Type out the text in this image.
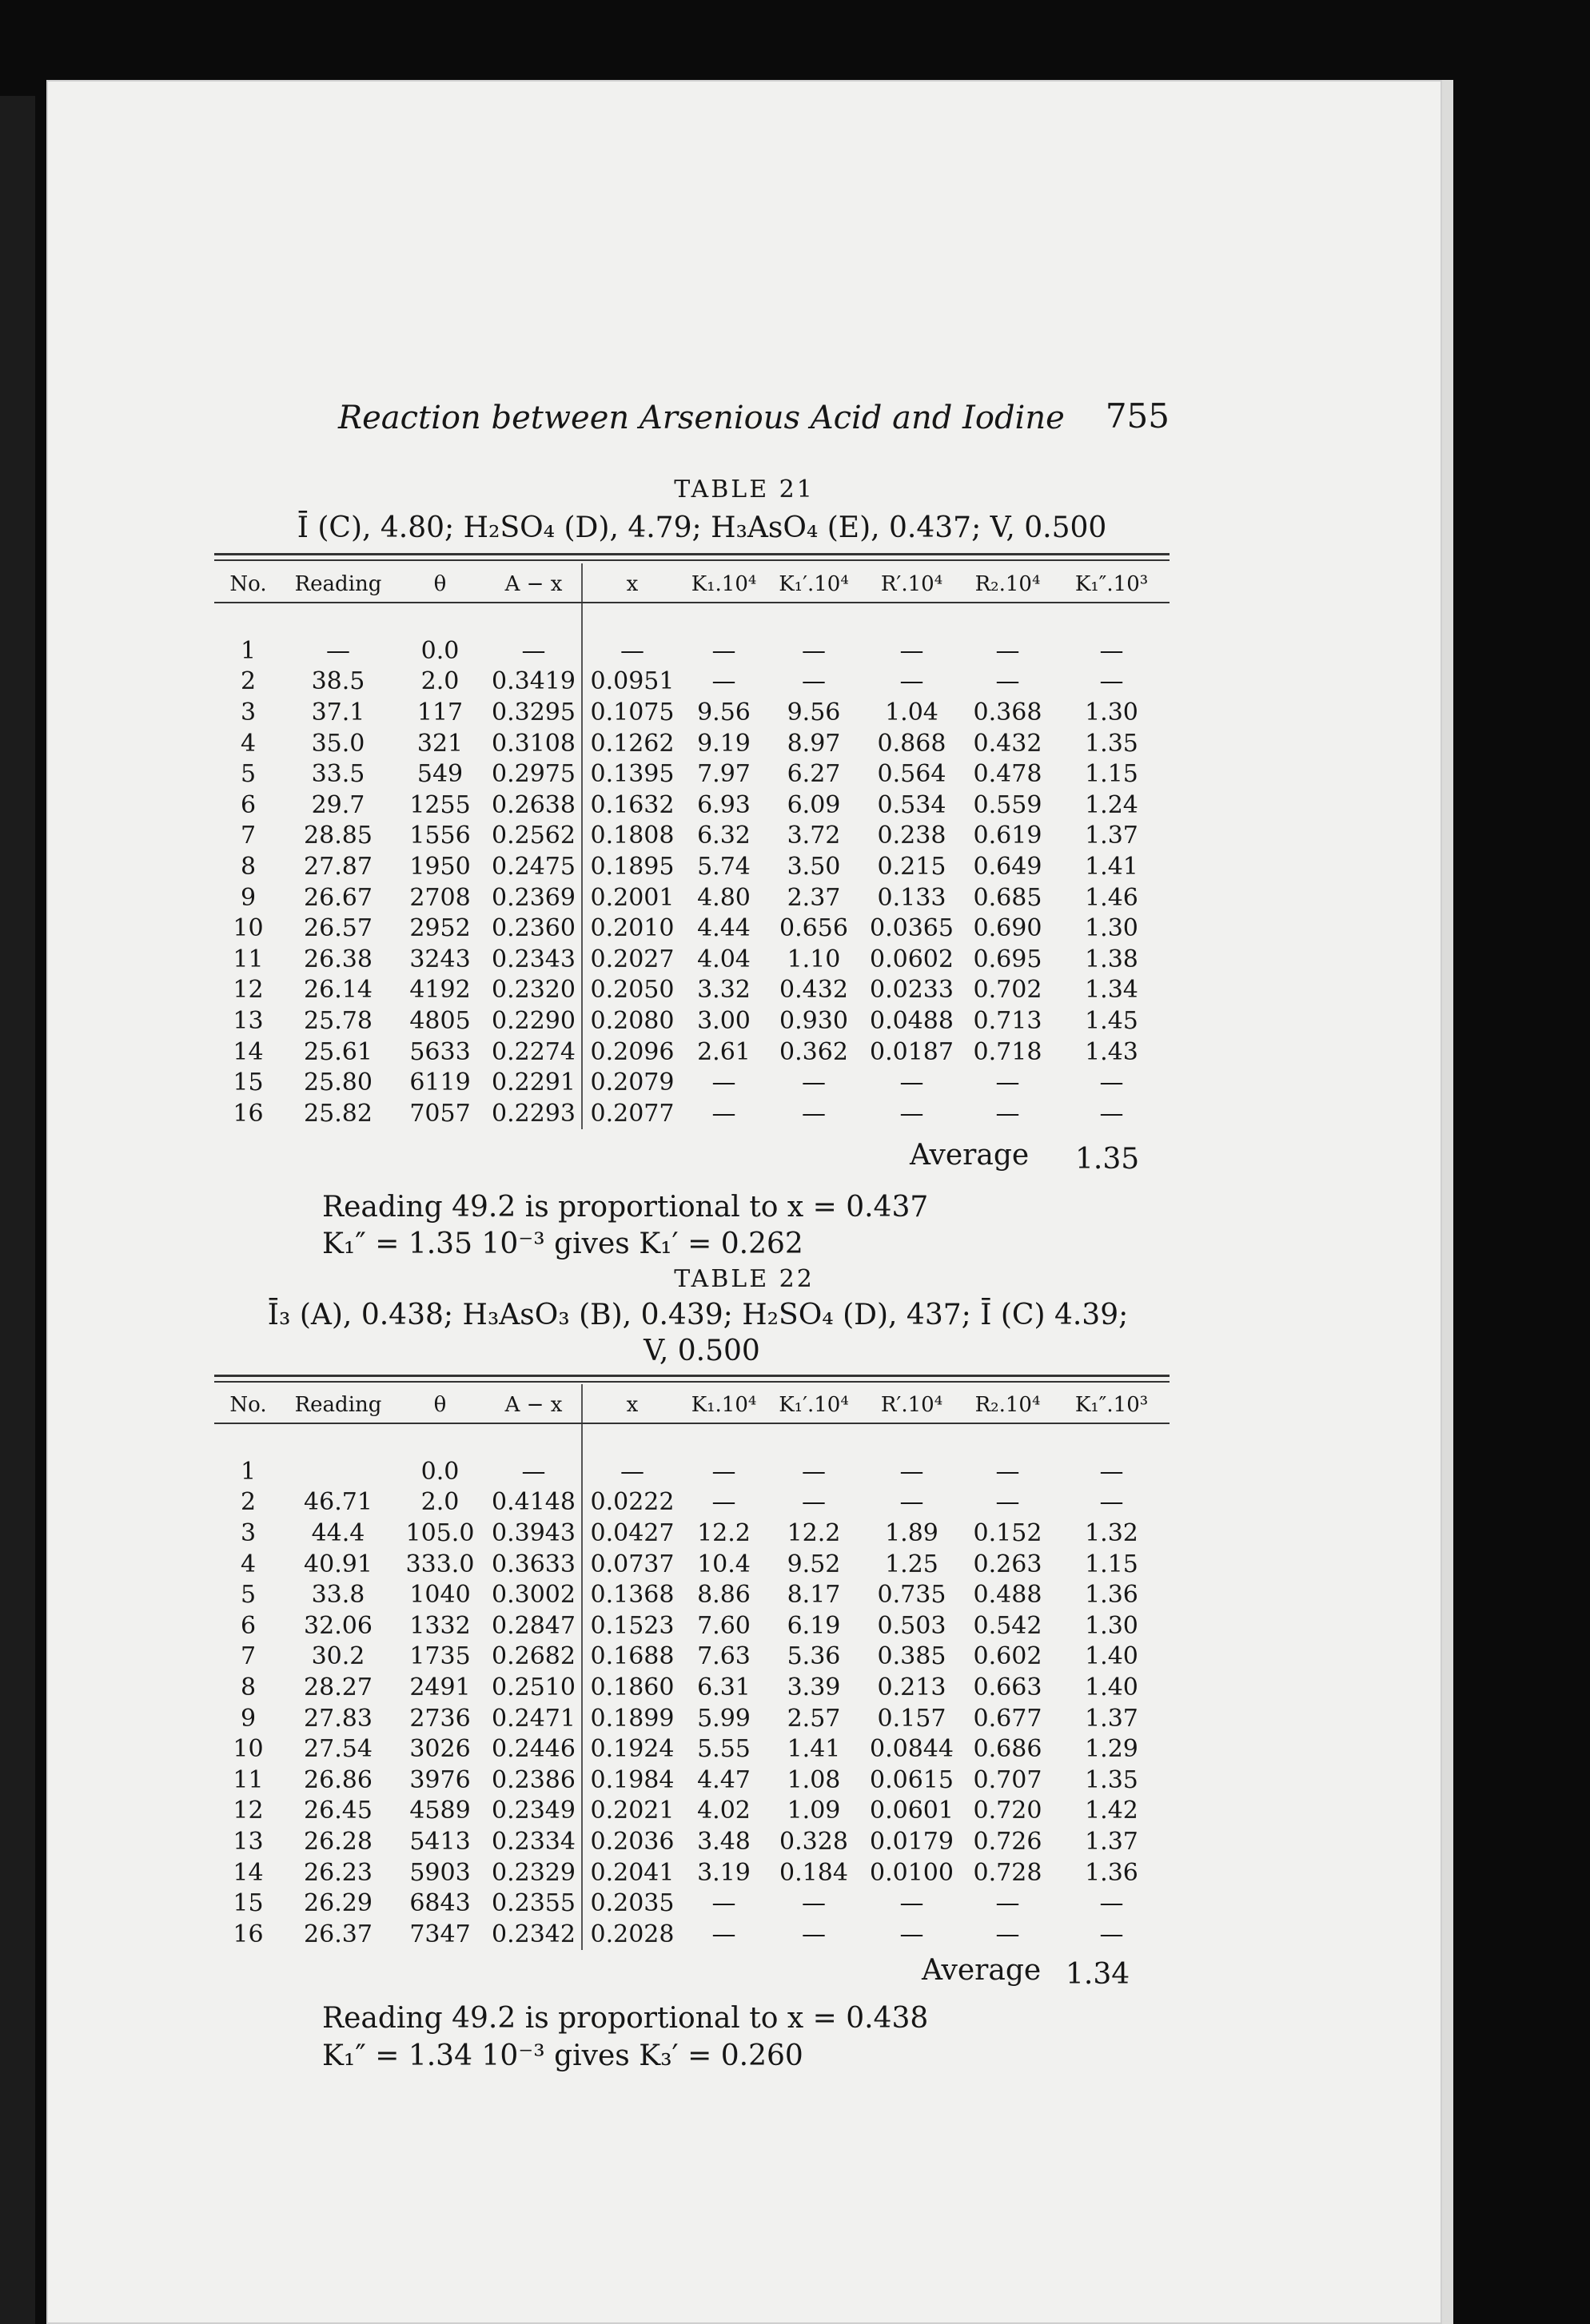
Reaction between Arsenious Acid and Iodine 755
TABLE 21
Ī (C), 4.80; H₂SO₄ (D), 4.79; H₃AsO₄ (E), 0.437; V, 0.500
No.	Reading	θ	A − x	x	K₁.10⁴	K₁′.10⁴	R′.10⁴	R₂.10⁴	K₁″.10³

1	—	0.0	—	—	—	—	—	—	—
2	38.5	2.0	0.3419	0.0951	—	—	—	—	—
3	37.1	117	0.3295	0.1075	9.56	9.56	1.04	0.368	1.30
4	35.0	321	0.3108	0.1262	9.19	8.97	0.868	0.432	1.35
5	33.5	549	0.2975	0.1395	7.97	6.27	0.564	0.478	1.15
6	29.7	1255	0.2638	0.1632	6.93	6.09	0.534	0.559	1.24
7	28.85	1556	0.2562	0.1808	6.32	3.72	0.238	0.619	1.37
8	27.87	1950	0.2475	0.1895	5.74	3.50	0.215	0.649	1.41
9	26.67	2708	0.2369	0.2001	4.80	2.37	0.133	0.685	1.46
10	26.57	2952	0.2360	0.2010	4.44	0.656	0.0365	0.690	1.30
11	26.38	3243	0.2343	0.2027	4.04	1.10	0.0602	0.695	1.38
12	26.14	4192	0.2320	0.2050	3.32	0.432	0.0233	0.702	1.34
13	25.78	4805	0.2290	0.2080	3.00	0.930	0.0488	0.713	1.45
14	25.61	5633	0.2274	0.2096	2.61	0.362	0.0187	0.718	1.43
15	25.80	6119	0.2291	0.2079	—	—	—	—	—
16	25.82	7057	0.2293	0.2077	—	—	—	—	—
Average 1.35
Reading 49.2 is proportional to x = 0.437
K₁″ = 1.35 10⁻³ gives K₁′ = 0.262
TABLE 22
Ī₃ (A), 0.438; H₃AsO₃ (B), 0.439; H₂SO₄ (D), 437; Ī (C) 4.39;
V, 0.500
No.	Reading	θ	A − x	x	K₁.10⁴	K₁′.10⁴	R′.10⁴	R₂.10⁴	K₁″.10³

1		0.0	—	—	—	—	—	—	—
2	46.71	2.0	0.4148	0.0222	—	—	—	—	—
3	44.4	105.0	0.3943	0.0427	12.2	12.2	1.89	0.152	1.32
4	40.91	333.0	0.3633	0.0737	10.4	9.52	1.25	0.263	1.15
5	33.8	1040	0.3002	0.1368	8.86	8.17	0.735	0.488	1.36
6	32.06	1332	0.2847	0.1523	7.60	6.19	0.503	0.542	1.30
7	30.2	1735	0.2682	0.1688	7.63	5.36	0.385	0.602	1.40
8	28.27	2491	0.2510	0.1860	6.31	3.39	0.213	0.663	1.40
9	27.83	2736	0.2471	0.1899	5.99	2.57	0.157	0.677	1.37
10	27.54	3026	0.2446	0.1924	5.55	1.41	0.0844	0.686	1.29
11	26.86	3976	0.2386	0.1984	4.47	1.08	0.0615	0.707	1.35
12	26.45	4589	0.2349	0.2021	4.02	1.09	0.0601	0.720	1.42
13	26.28	5413	0.2334	0.2036	3.48	0.328	0.0179	0.726	1.37
14	26.23	5903	0.2329	0.2041	3.19	0.184	0.0100	0.728	1.36
15	26.29	6843	0.2355	0.2035	—	—	—	—	—
16	26.37	7347	0.2342	0.2028	—	—	—	—	—
Average 1.34
Reading 49.2 is proportional to x = 0.438
K₁″ = 1.34 10⁻³ gives K₃′ = 0.260
